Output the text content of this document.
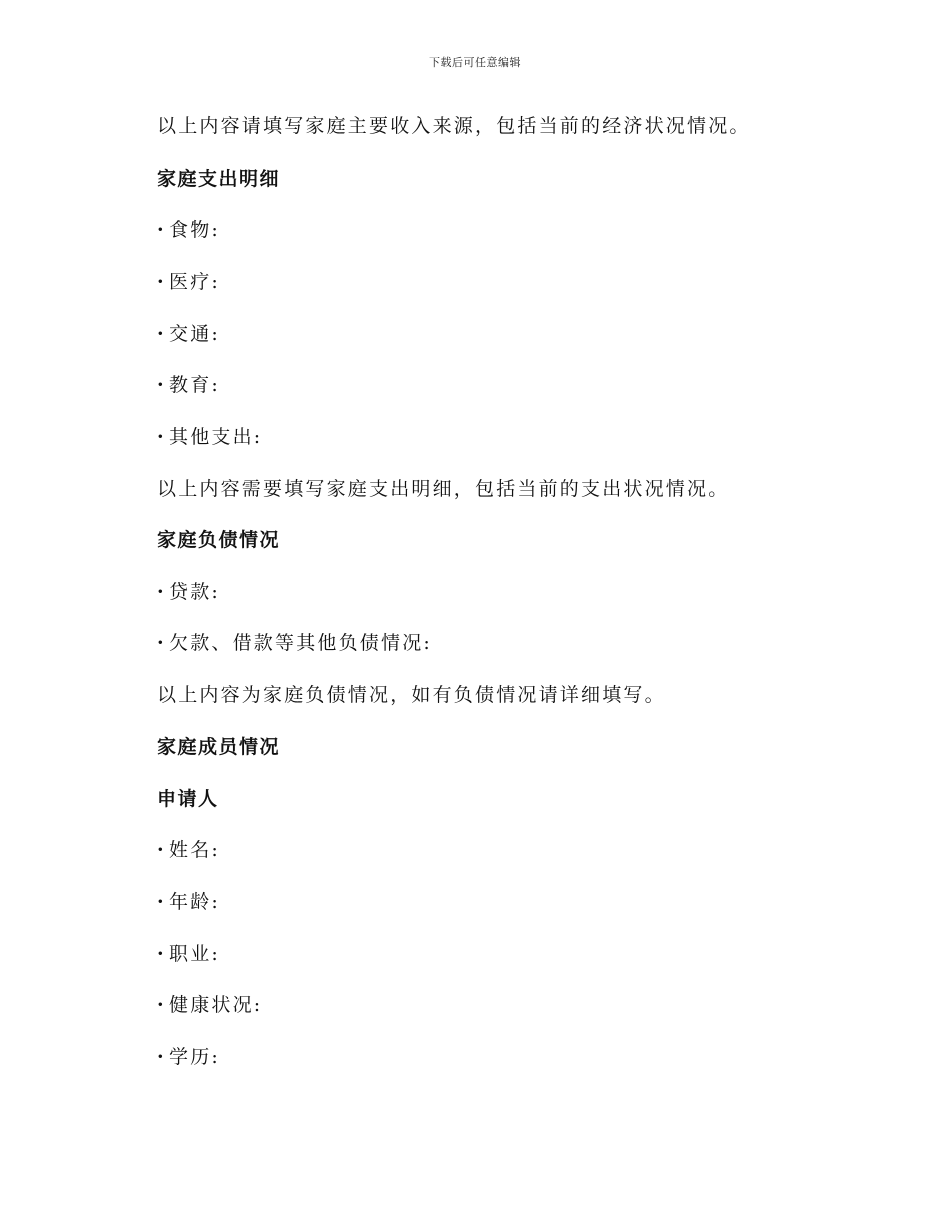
下载后可任意编辑
以上内容请填写家庭主要收入来源，包括当前的经济状况情况。
家庭支出明细
· 食物:
· 医疗:
· 交通:
· 教育:
· 其他支出:
以上内容需要填写家庭支出明细，包括当前的支出状况情况。
家庭负债情况
· 贷款:
· 欠款、借款等其他负债情况:
以上内容为家庭负债情况，如有负债情况请详细填写。
家庭成员情况
申请人
· 姓名:
· 年龄:
· 职业:
· 健康状况:
· 学历:
